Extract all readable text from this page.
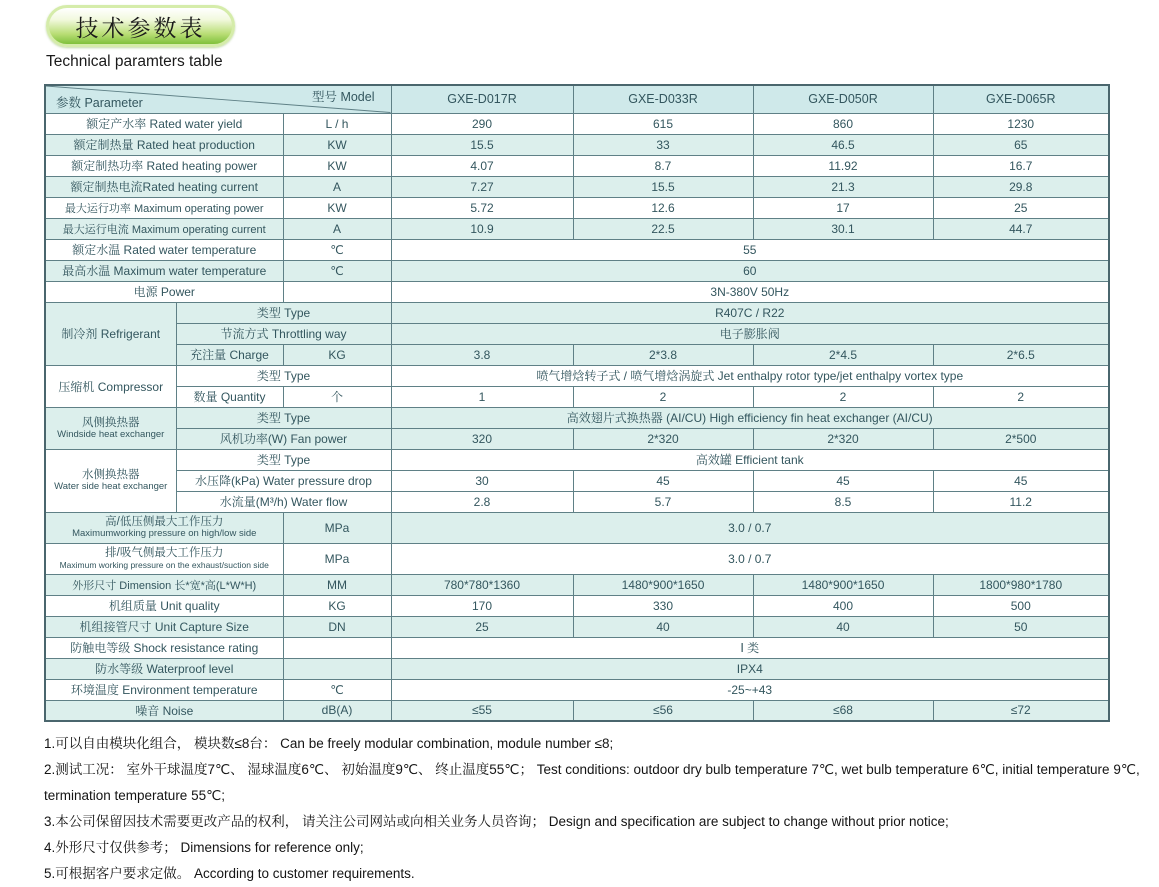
技术参数表
Technical paramters table
型号 Model
参数 Parameter			GXE-D017R	GXE-D033R	GXE-D050R	GXE-D065R
额定产水率 Rated water yield		L / h	290	615	860	1230
额定制热量 Rated heat production		KW	15.5	33	46.5	65
额定制热功率 Rated heating power		KW	4.07	8.7	11.92	16.7
额定制热电流Rated heating current		A	7.27	15.5	21.3	29.8
最大运行功率 Maximum operating power		KW	5.72	12.6	17	25
最大运行电流 Maximum operating current		A	10.9	22.5	30.1	44.7
额定水温 Rated water temperature		℃	55			
最高水温 Maximum water temperature		℃	60			
电源 Power			3N-380V 50Hz			
制冷剂 Refrigerant	类型 Type		R407C / R22			
	节流方式 Throttling way		电子膨胀阀			
	充注量 Charge	KG	3.8	2*3.8	2*4.5	2*6.5
压缩机 Compressor	类型 Type		喷气增焓转子式 / 喷气增焓涡旋式 Jet enthalpy rotor type/jet enthalpy vortex type			
	数量 Quantity	个	1	2	2	2

风侧换热器
Windside heat exchanger	类型 Type		高效翅片式换热器 (AI/CU) High efficiency fin heat exchanger (AI/CU)			
	风机功率(W) Fan power		320	2*320	2*320	2*500

水侧换热器
Water side heat exchanger	类型 Type		高效罐 Efficient tank			
	水压降(kPa) Water pressure drop		30	45	45	45
	水流量(M³/h) Water flow		2.8	5.7	8.5	11.2

高/低压侧最大工作压力
Maximumworking pressure on high/low side		MPa	3.0 / 0.7			

排/吸气侧最大工作压力
Maximum working pressure on the exhaust/suction side		MPa	3.0 / 0.7			
外形尺寸 Dimension 长*宽*高(L*W*H)		MM	780*780*1360	1480*900*1650	1480*900*1650	1800*980*1780
机组质量 Unit quality		KG	170	330	400	500
机组接管尺寸 Unit Capture Size		DN	25	40	40	50
防触电等级 Shock resistance rating			Ⅰ 类			
防水等级 Waterproof level			IPX4			
环境温度 Environment temperature		℃	-25~+43			
噪音 Noise		dB(A)	≤55	≤56	≤68	≤72
1.可以自由模块化组合， 模块数≤8台： Can be freely modular combination, module number ≤8;
2.测试工况： 室外干球温度7℃、 湿球温度6℃、 初始温度9℃、 终止温度55℃； Test conditions: outdoor dry bulb temperature 7℃, wet bulb temperature 6℃, initial temperature 9℃, termination temperature 55℃;
3.本公司保留因技术需要更改产品的权利， 请关注公司网站或向相关业务人员咨询； Design and specification are subject to change without prior notice;
4.外形尺寸仅供参考； Dimensions for reference only;
5.可根据客户要求定做。 According to customer requirements.
